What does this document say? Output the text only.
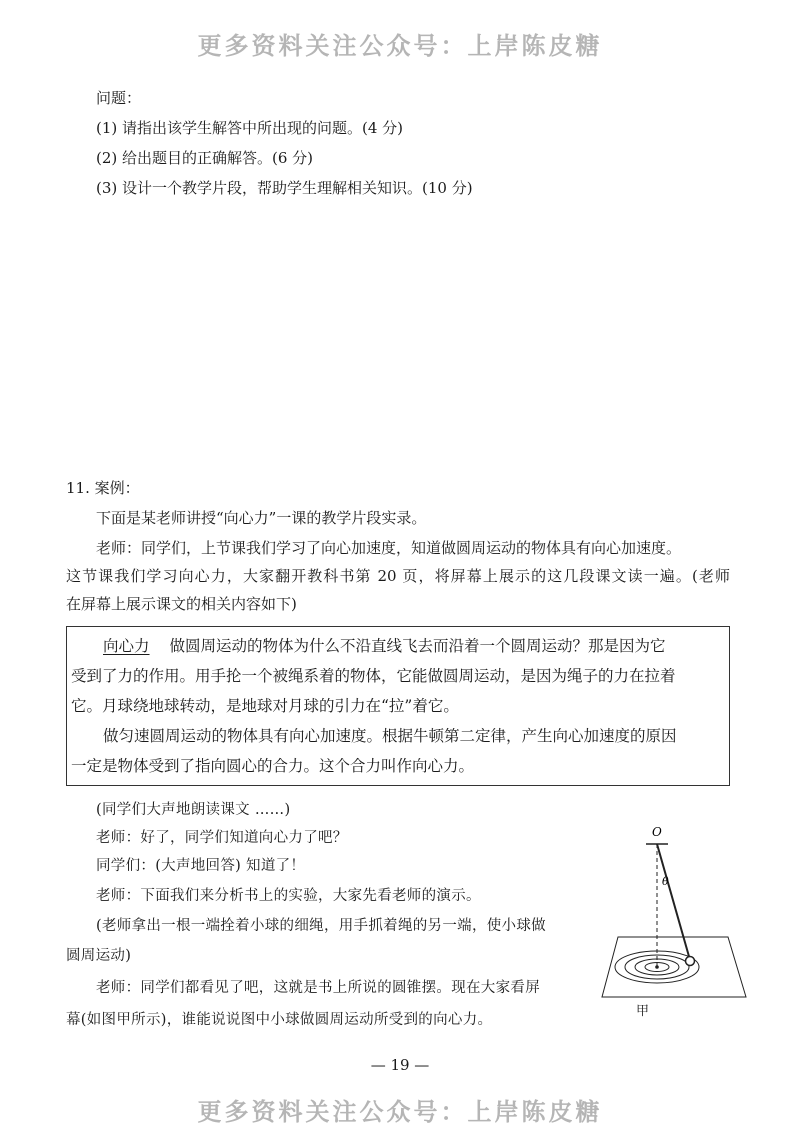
更多资料关注公众号：上岸陈皮糖
问题：
(1) 请指出该学生解答中所出现的问题。(4 分)
(2) 给出题目的正确解答。(6 分)
(3) 设计一个教学片段，帮助学生理解相关知识。(10 分)
11. 案例：
下面是某老师讲授“向心力”一课的教学片段实录。
老师：同学们，上节课我们学习了向心加速度，知道做圆周运动的物体具有向心加速度。
这节课我们学习向心力，大家翻开教科书第 20 页，将屏幕上展示的这几段课文读一遍。(老师
在屏幕上展示课文的相关内容如下)
向心力 做圆周运动的物体为什么不沿直线飞去而沿着一个圆周运动？那是因为它
受到了力的作用。用手抡一个被绳系着的物体，它能做圆周运动，是因为绳子的力在拉着
它。月球绕地球转动，是地球对月球的引力在“拉”着它。
做匀速圆周运动的物体具有向心加速度。根据牛顿第二定律，产生向心加速度的原因
一定是物体受到了指向圆心的合力。这个合力叫作向心力。
(同学们大声地朗读课文 ……)
老师：好了，同学们知道向心力了吧？
同学们：(大声地回答) 知道了！
老师：下面我们来分析书上的实验，大家先看老师的演示。
(老师拿出一根一端拴着小球的细绳，用手抓着绳的另一端，使小球做
圆周运动)
老师：同学们都看见了吧，这就是书上所说的圆锥摆。现在大家看屏
幕(如图甲所示)，谁能说说图中小球做圆周运动所受到的向心力。
O
θ
甲
— 19 —
更多资料关注公众号：上岸陈皮糖
